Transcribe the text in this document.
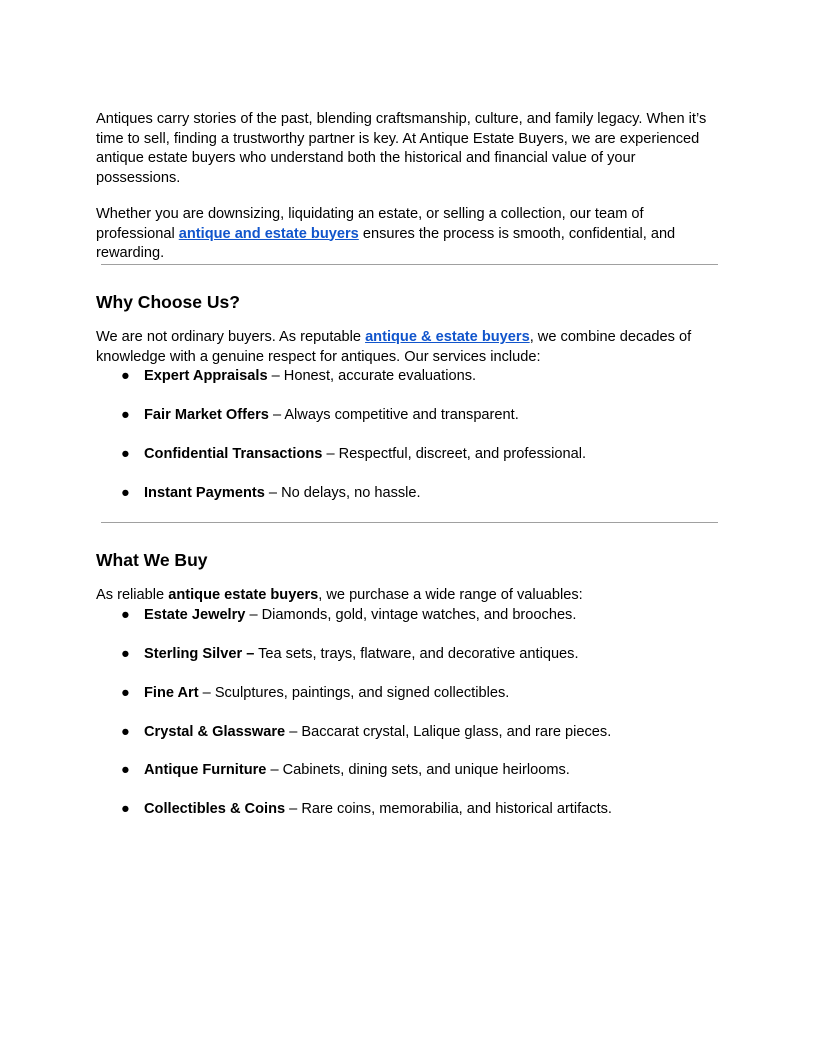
Antiques carry stories of the past, blending craftsmanship, culture, and family legacy. When it’s time to sell, finding a trustworthy partner is key. At Antique Estate Buyers, we are experienced antique estate buyers who understand both the historical and financial value of your possessions.

Whether you are downsizing, liquidating an estate, or selling a collection, our team of professional antique and estate buyers ensures the process is smooth, confidential, and rewarding.

Why Choose Us?

We are not ordinary buyers. As reputable antique & estate buyers, we combine decades of knowledge with a genuine respect for antiques. Our services include:

● Expert Appraisals – Honest, accurate evaluations.
● Fair Market Offers – Always competitive and transparent.
● Confidential Transactions – Respectful, discreet, and professional.
● Instant Payments – No delays, no hassle.
What We Buy

As reliable antique estate buyers, we purchase a wide range of valuables:

● Estate Jewelry – Diamonds, gold, vintage watches, and brooches.
● Sterling Silver – Tea sets, trays, flatware, and decorative antiques.
● Fine Art – Sculptures, paintings, and signed collectibles.
● Crystal & Glassware – Baccarat crystal, Lalique glass, and rare pieces.
● Antique Furniture – Cabinets, dining sets, and unique heirlooms.
● Collectibles & Coins – Rare coins, memorabilia, and historical artifacts.
